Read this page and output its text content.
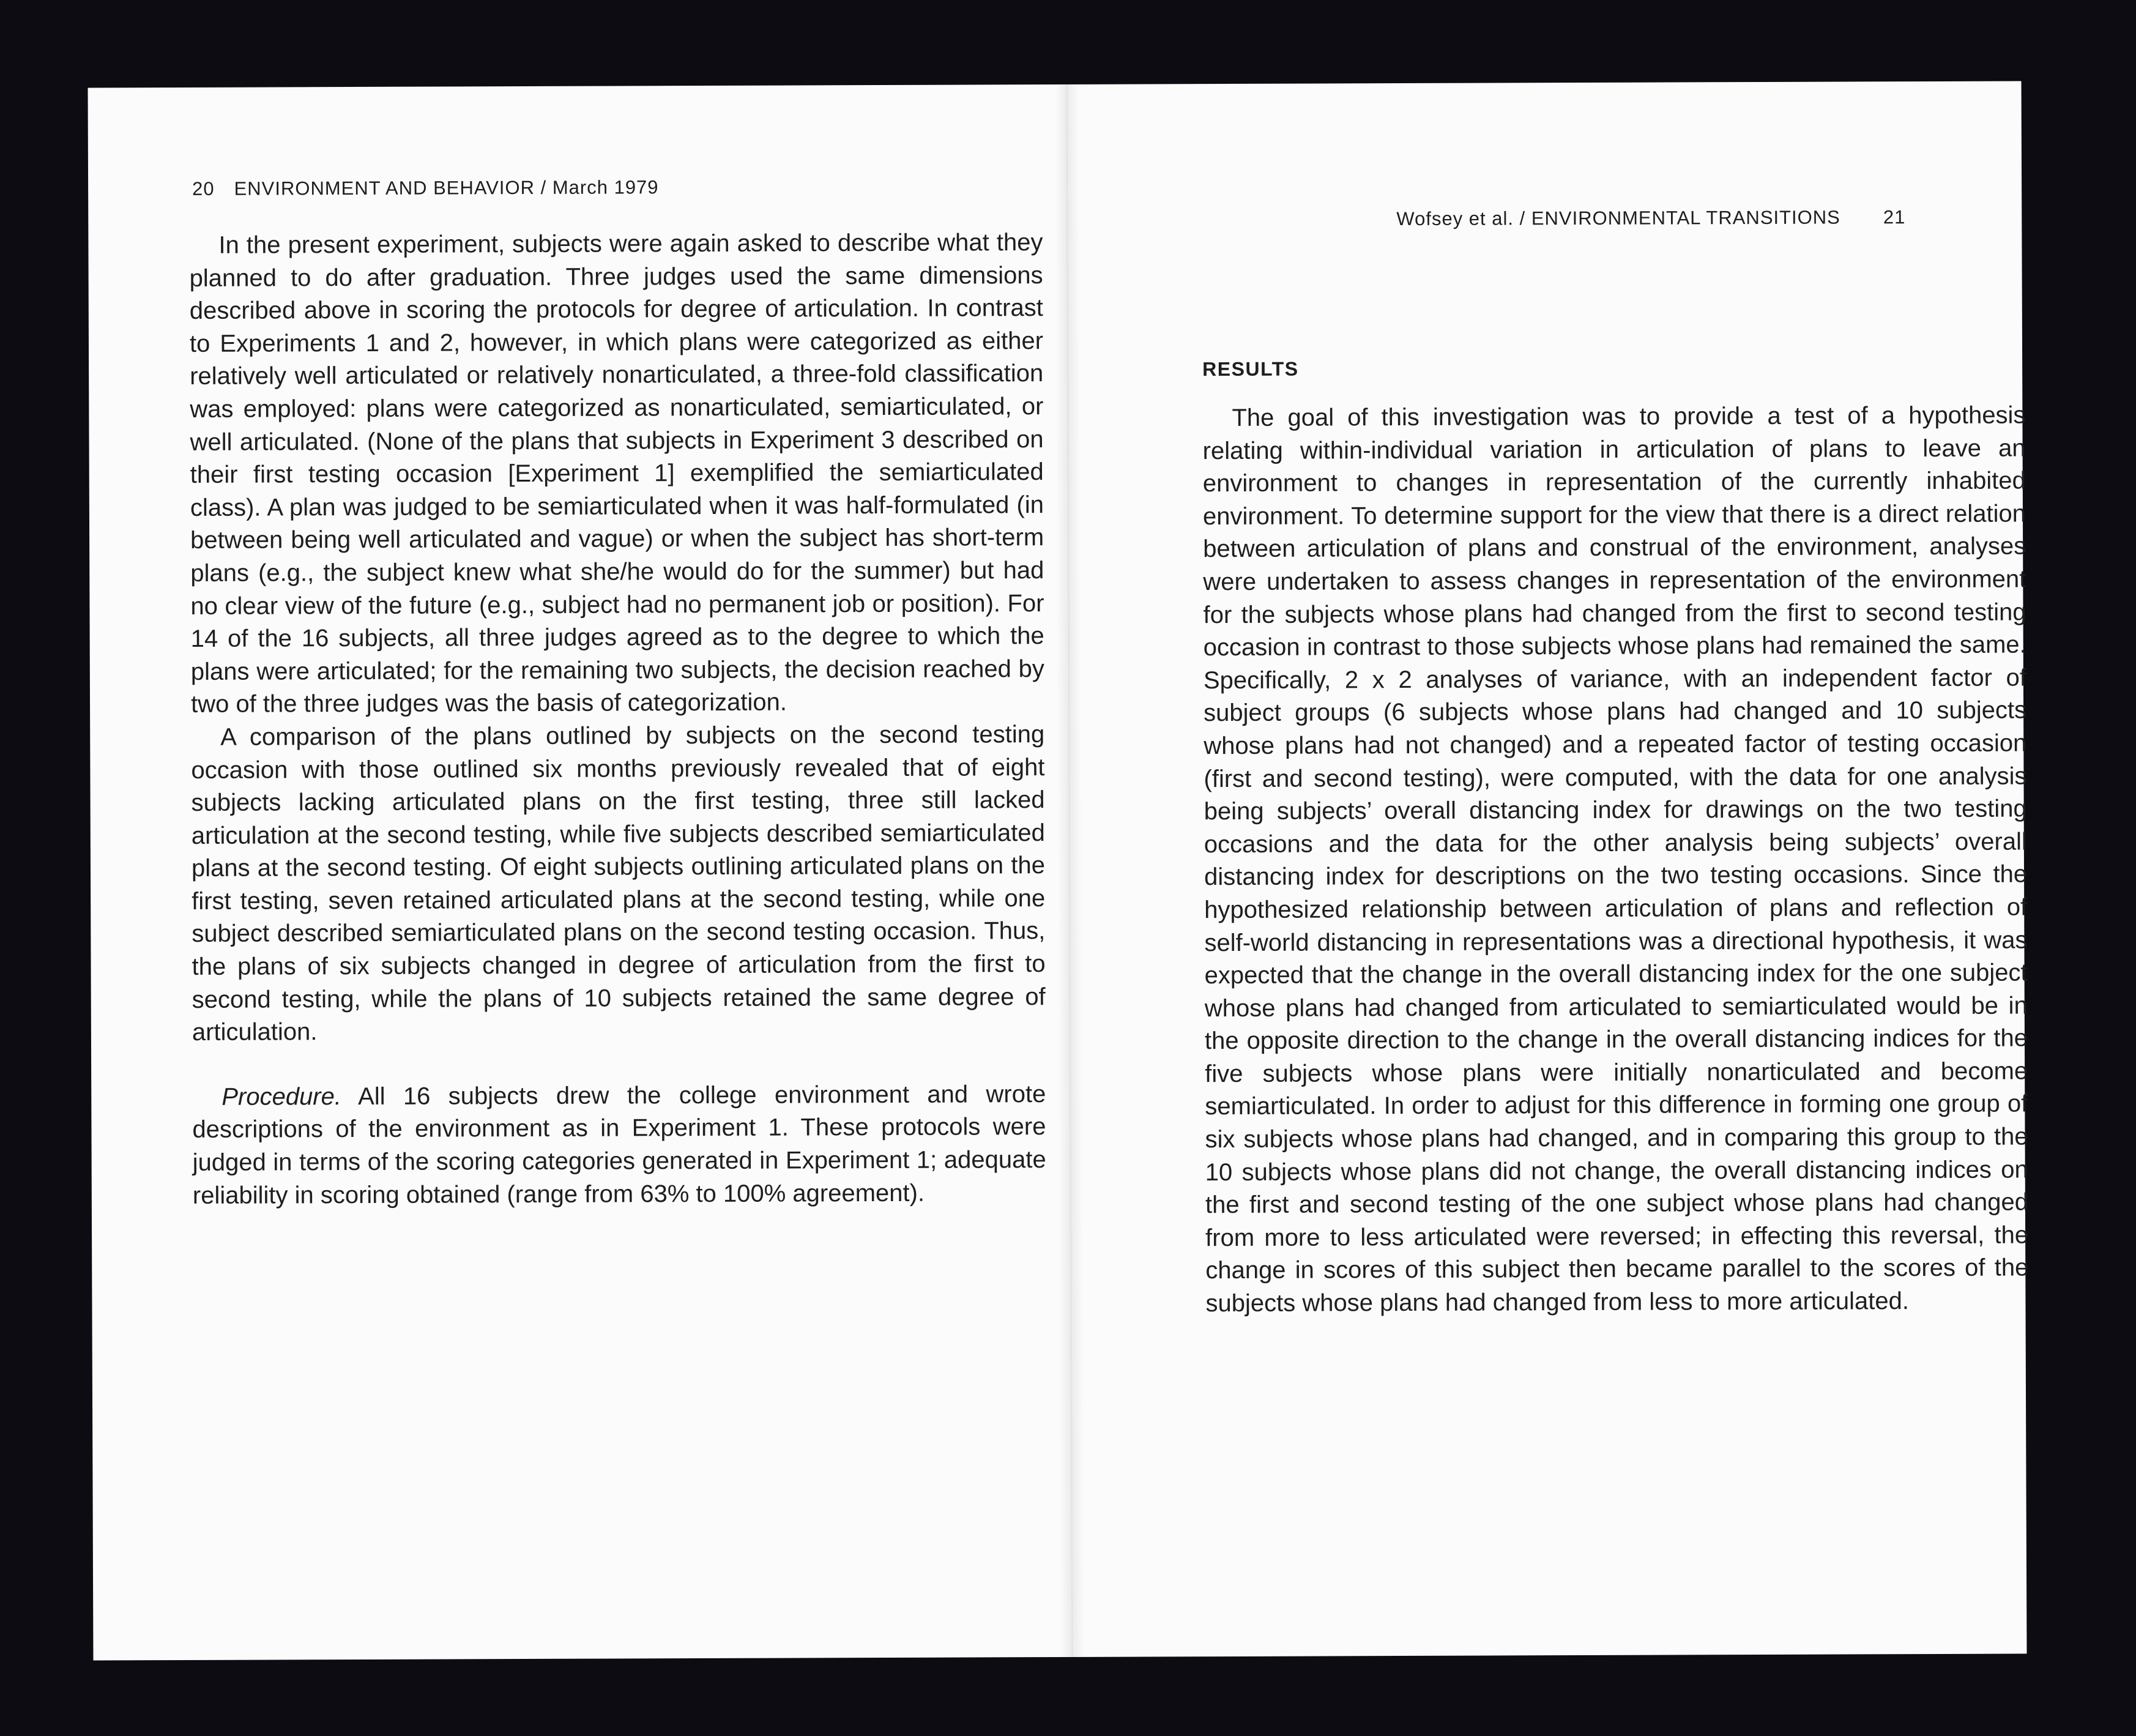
20 ENVIRONMENT AND BEHAVIOR / March 1979

In the present experiment, subjects were again asked to describe what they planned to do after graduation. Three judges used the same dimensions described above in scoring the protocols for degree of articulation. In contrast to Experiments 1 and 2, however, in which plans were categorized as either relatively well articulated or relatively nonarticulated, a three-fold classification was employed: plans were categorized as nonarticulated, semiarticulated, or well articulated. (None of the plans that subjects in Experiment 3 described on their first testing occasion [Experiment 1] exemplified the semiarticulated class). A plan was judged to be semiarticulated when it was half-formulated (in between being well articulated and vague) or when the subject has short-term plans (e.g., the subject knew what she/he would do for the summer) but had no clear view of the future (e.g., subject had no permanent job or position). For 14 of the 16 subjects, all three judges agreed as to the degree to which the plans were articulated; for the remaining two subjects, the decision reached by two of the three judges was the basis of categorization.

A comparison of the plans outlined by subjects on the second testing occasion with those outlined six months previously revealed that of eight subjects lacking articulated plans on the first testing, three still lacked articulation at the second testing, while five subjects described semiarticulated plans at the second testing. Of eight subjects outlining articulated plans on the first testing, seven retained articulated plans at the second testing, while one subject described semiarticulated plans on the second testing occasion. Thus, the plans of six subjects changed in degree of articulation from the first to second testing, while the plans of 10 subjects retained the same degree of articulation.

Procedure. All 16 subjects drew the college environment and wrote descriptions of the environment as in Experiment 1. These protocols were judged in terms of the scoring categories generated in Experiment 1; adequate reliability in scoring obtained (range from 63% to 100% agreement).

Wofsey et al. / ENVIRONMENTAL TRANSITIONS 21
RESULTS

The goal of this investigation was to provide a test of a hypothesis relating within-individual variation in articulation of plans to leave an environment to changes in representation of the currently inhabited environment. To determine support for the view that there is a direct relation between articulation of plans and construal of the environment, analyses were undertaken to assess changes in representation of the environment for the subjects whose plans had changed from the first to second testing occasion in contrast to those subjects whose plans had remained the same. Specifically, 2 x 2 analyses of variance, with an independent factor of subject groups (6 subjects whose plans had changed and 10 subjects whose plans had not changed) and a repeated factor of testing occasion (first and second testing), were computed, with the data for one analysis being subjects’ overall distancing index for drawings on the two testing occasions and the data for the other analysis being subjects’ overall distancing index for descriptions on the two testing occasions. Since the hypothesized relationship between articulation of plans and reflection of self-world distancing in representations was a directional hypothesis, it was expected that the change in the overall distancing index for the one subject whose plans had changed from articulated to semiarticulated would be in the opposite direction to the change in the overall distancing indices for the five subjects whose plans were initially nonarticulated and become semiarticulated. In order to adjust for this difference in forming one group of six subjects whose plans had changed, and in comparing this group to the 10 subjects whose plans did not change, the overall distancing indices on the first and second testing of the one subject whose plans had changed from more to less articulated were reversed; in effecting this reversal, the change in scores of this subject then became parallel to the scores of the subjects whose plans had changed from less to more articulated.
